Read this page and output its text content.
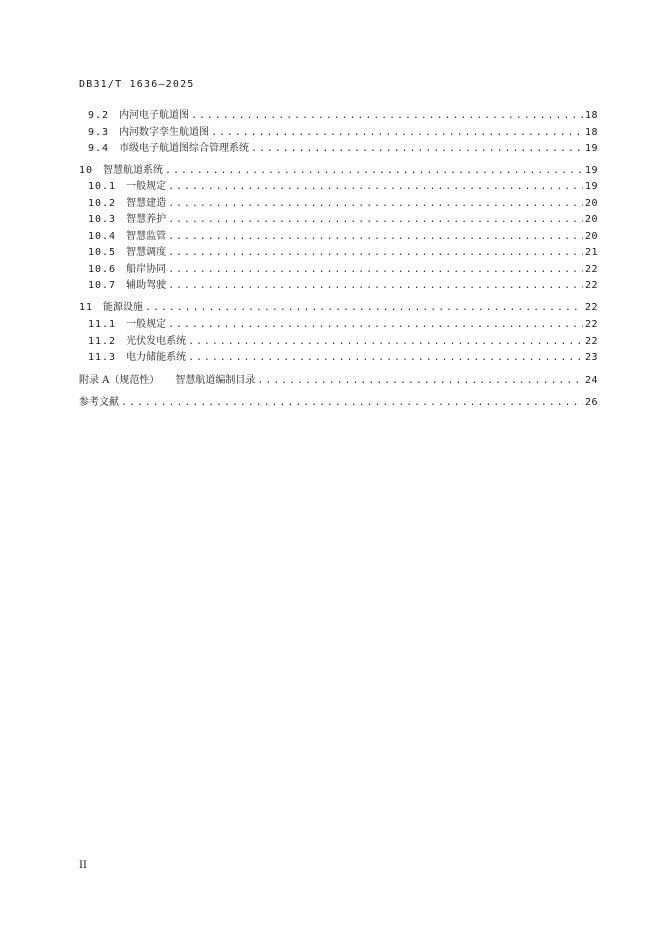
DB31/T 1636—2025
9.2 内河电子航道图 .....	18
9.3 内河数字孪生航道图 .....	18
9.4 市级电子航道图综合管理系统 .....	19
10 智慧航道系统 .....	19
10.1 一般规定 .....	19
10.2 智慧建造 .....	20
10.3 智慧养护 .....	20
10.4 智慧监管 .....	20
10.5 智慧调度 .....	21
10.6 船岸协同 .....	22
10.7 辅助驾驶 .....	22
11 能源设施 .....	22
11.1 一般规定 .....	22
11.2 光伏发电系统 .....	22
11.3 电力储能系统 .....	23
附录 A（规范性） 智慧航道编制目录 .....	24
参考文献 .....	26
II
